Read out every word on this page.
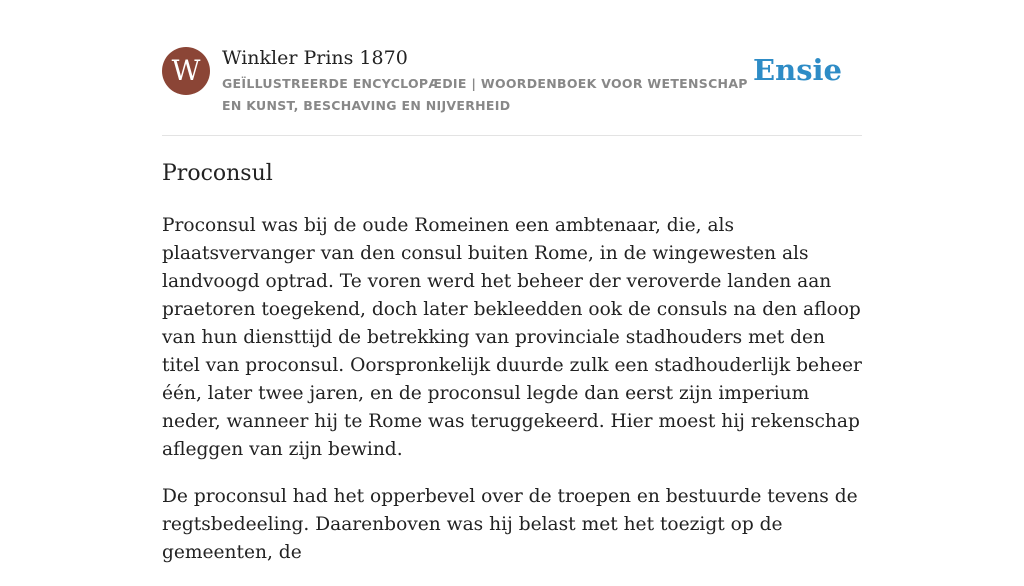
W	Winkler Prins 1870
GEÏLLUSTREERDE ENCYCLOPÆDIE | WOORDENBOEK VOOR WETENSCHAP EN KUNST, BESCHAVING EN NIJVERHEID
Ensie
Proconsul

Proconsul was bij de oude Romeinen een ambtenaar, die, als plaatsvervanger van den consul buiten Rome, in de wingewesten als landvoogd optrad. Te voren werd het beheer der veroverde landen aan praetoren toegekend, doch later bekleedden ook de consuls na den afloop van hun diensttijd de betrekking van provinciale stadhouders met den titel van proconsul. Oorspronkelijk duurde zulk een stadhouderlijk beheer één, later twee jaren, en de proconsul legde dan eerst zijn imperium neder, wanneer hij te Rome was teruggekeerd. Hier moest hij rekenschap afleggen van zijn bewind.

De proconsul had het opperbevel over de troepen en bestuurde tevens de regtsbedeeling. Daarenboven was hij belast met het toezigt op de gemeenten, de
